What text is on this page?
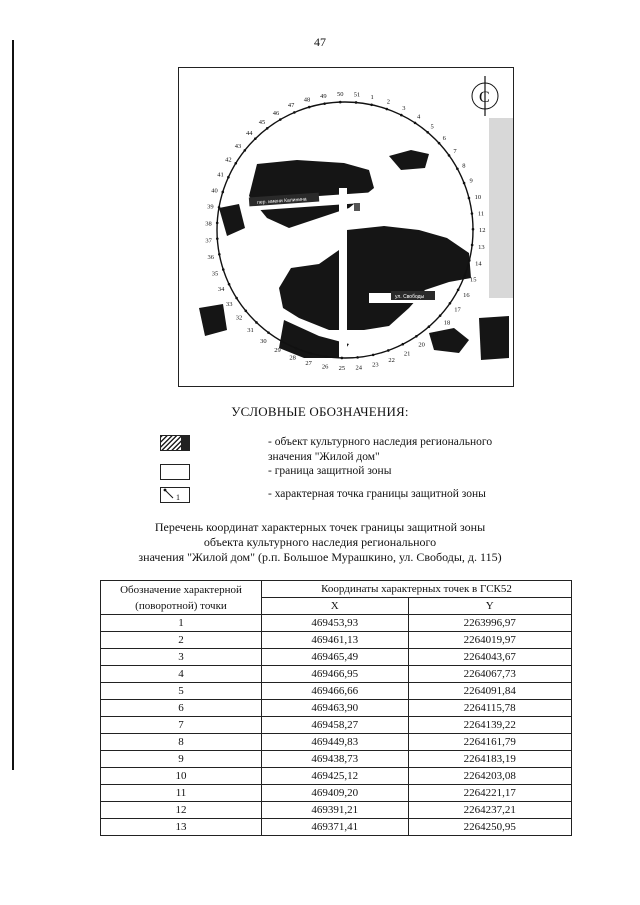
47
пер. имени Калинина
ул. Свободы
1
2
3
4
5
6
7
8
9
10
11
12
13
14
15
16
17
18
19
20
21
22
23
24
25
26
27
28
29
30
31
32
33
34
35
36
37
38
39
40
41
42
43
44
45
46
47
48
49 50 51	С
УСЛОВНЫЕ ОБОЗНАЧЕНИЯ:
- объект культурного наследия регионального значения "Жилой дом"
- граница защитной зоны
1	- характерная точка границы защитной зоны
Перечень координат характерных точек границы защитной зоны
объекта культурного наследия регионального
значения "Жилой дом" (р.п. Большое Мурашкино, ул. Свободы, д. 115)
Обозначение характерной (поворотной) точки	Координаты характерных точек в ГСК52	
	X	Y
1	469453,93	2263996,97
2	469461,13	2264019,97
3	469465,49	2264043,67
4	469466,95	2264067,73
5	469466,66	2264091,84
6	469463,90	2264115,78
7	469458,27	2264139,22
8	469449,83	2264161,79
9	469438,73	2264183,19
10	469425,12	2264203,08
11	469409,20	2264221,17
12	469391,21	2264237,21
13	469371,41	2264250,95
